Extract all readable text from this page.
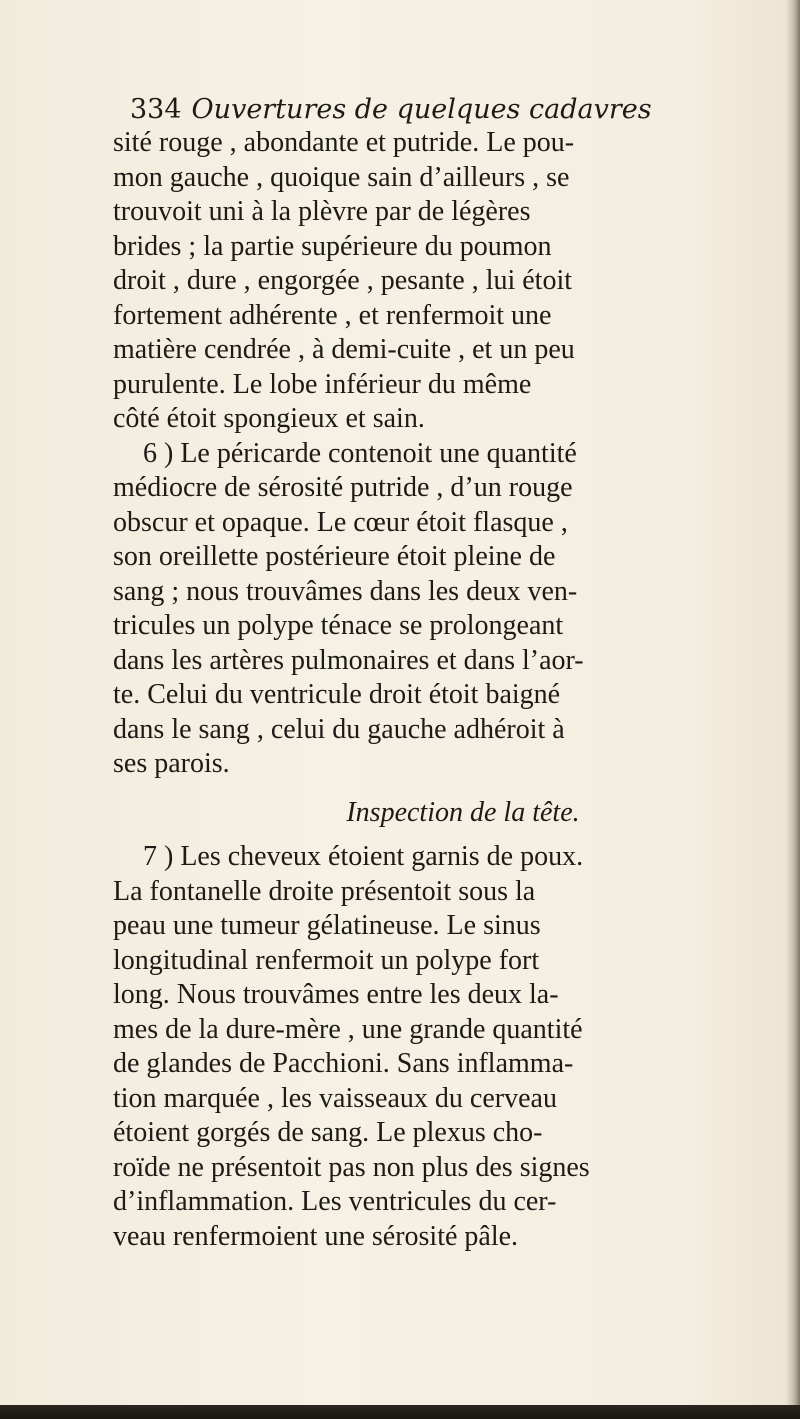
334 Ouvertures de quelques cadavres
sité rouge , abondante et putride. Le pou-
mon gauche , quoique sain d’ailleurs , se
trouvoit uni à la plèvre par de légères
brides ; la partie supérieure du poumon
droit , dure , engorgée , pesante , lui étoit
fortement adhérente , et renfermoit une
matière cendrée , à demi-cuite , et un peu
purulente. Le lobe inférieur du même
côté étoit spongieux et sain.
6 ) Le péricarde contenoit une quantité
médiocre de sérosité putride , d’un rouge
obscur et opaque. Le cœur étoit flasque ,
son oreillette postérieure étoit pleine de
sang ; nous trouvâmes dans les deux ven-
tricules un polype ténace se prolongeant
dans les artères pulmonaires et dans l’aor-
te. Celui du ventricule droit étoit baigné
dans le sang , celui du gauche adhéroit à
ses parois.
Inspection de la tête.
7 ) Les cheveux étoient garnis de poux.
La fontanelle droite présentoit sous la
peau une tumeur gélatineuse. Le sinus
longitudinal renfermoit un polype fort
long. Nous trouvâmes entre les deux la-
mes de la dure-mère , une grande quantité
de glandes de Pacchioni. Sans inflamma-
tion marquée , les vaisseaux du cerveau
étoient gorgés de sang. Le plexus cho-
roïde ne présentoit pas non plus des signes
d’inflammation. Les ventricules du cer-
veau renfermoient une sérosité pâle.
